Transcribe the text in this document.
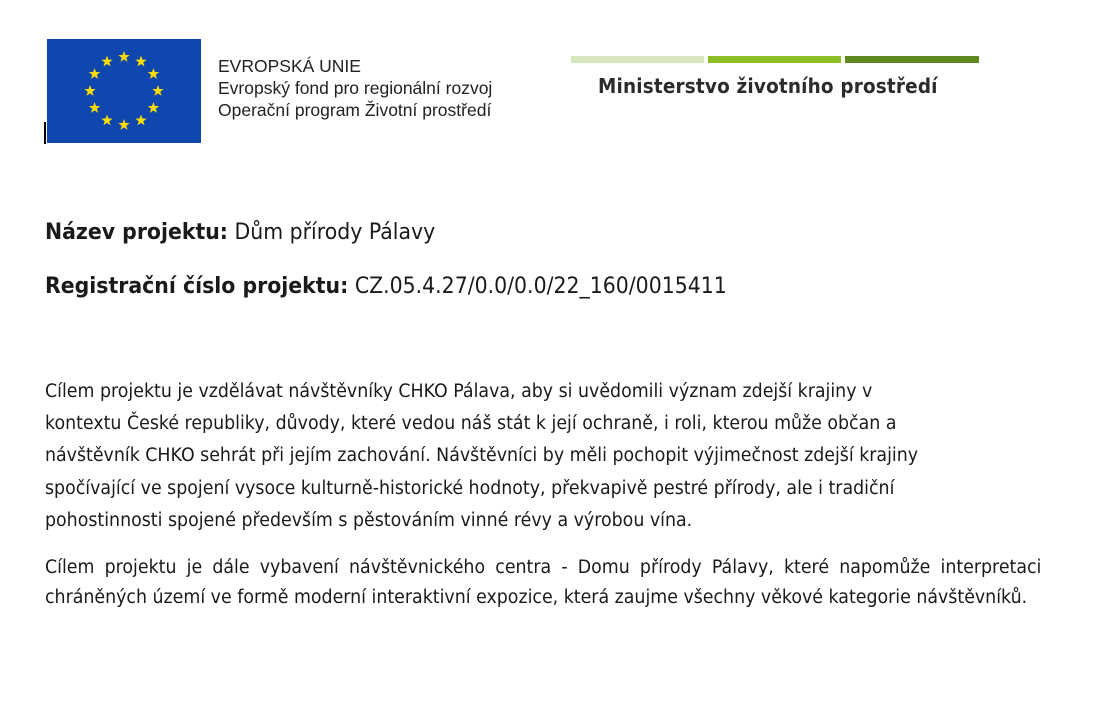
EVROPSKÁ UNIE
Evropský fond pro regionální rozvoj
Operační program Životní prostředí
Ministerstvo životního prostředí
Název projektu: Dům přírody Pálavy
Registrační číslo projektu: CZ.05.4.27/0.0/0.0/22_160/0015411
Cílem projektu je vzdělávat návštěvníky CHKO Pálava, aby si uvědomili význam zdejší krajiny v
kontextu České republiky, důvody, které vedou náš stát k její ochraně, i roli, kterou může občan a
návštěvník CHKO sehrát při jejím zachování. Návštěvníci by měli pochopit výjimečnost zdejší krajiny
spočívající ve spojení vysoce kulturně-historické hodnoty, překvapivě pestré přírody, ale i tradiční
pohostinnosti spojené především s pěstováním vinné révy a výrobou vína.

Cílem projektu je dále vybavení návštěvnického centra - Domu přírody Pálavy, které napomůže interpretaci chráněných území ve formě moderní interaktivní expozice, která zaujme všechny věkové kategorie návštěvníků.
